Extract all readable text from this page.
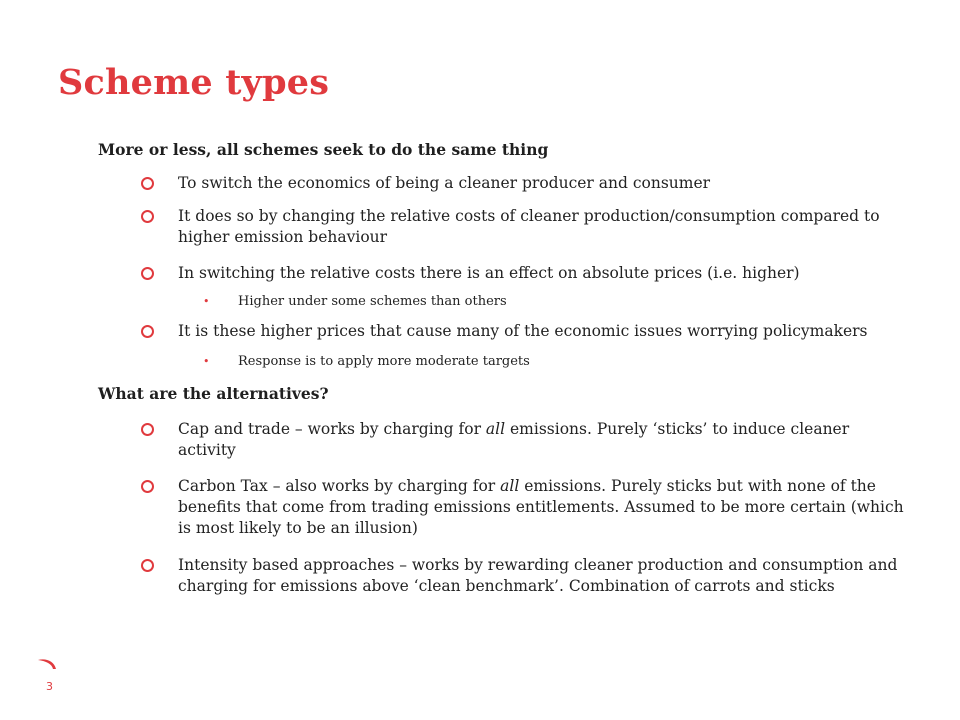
Scheme types
More or less, all schemes seek to do the same thing
To switch the economics of being a cleaner producer and consumer
It does so by changing the relative costs of cleaner production/consumption compared to higher emission behaviour
In switching the relative costs there is an effect on absolute prices (i.e. higher)
• Higher under some schemes than others
It is these higher prices that cause many of the economic issues worrying policymakers
• Response is to apply more moderate targets
What are the alternatives?
Cap and trade – works by charging for all emissions. Purely ‘sticks’ to induce cleaner activity
Carbon Tax – also works by charging for all emissions. Purely sticks but with none of the benefits that come from trading emissions entitlements. Assumed to be more certain (which is most likely to be an illusion)
Intensity based approaches – works by rewarding cleaner production and consumption and charging for emissions above ‘clean benchmark’. Combination of carrots and sticks
3
